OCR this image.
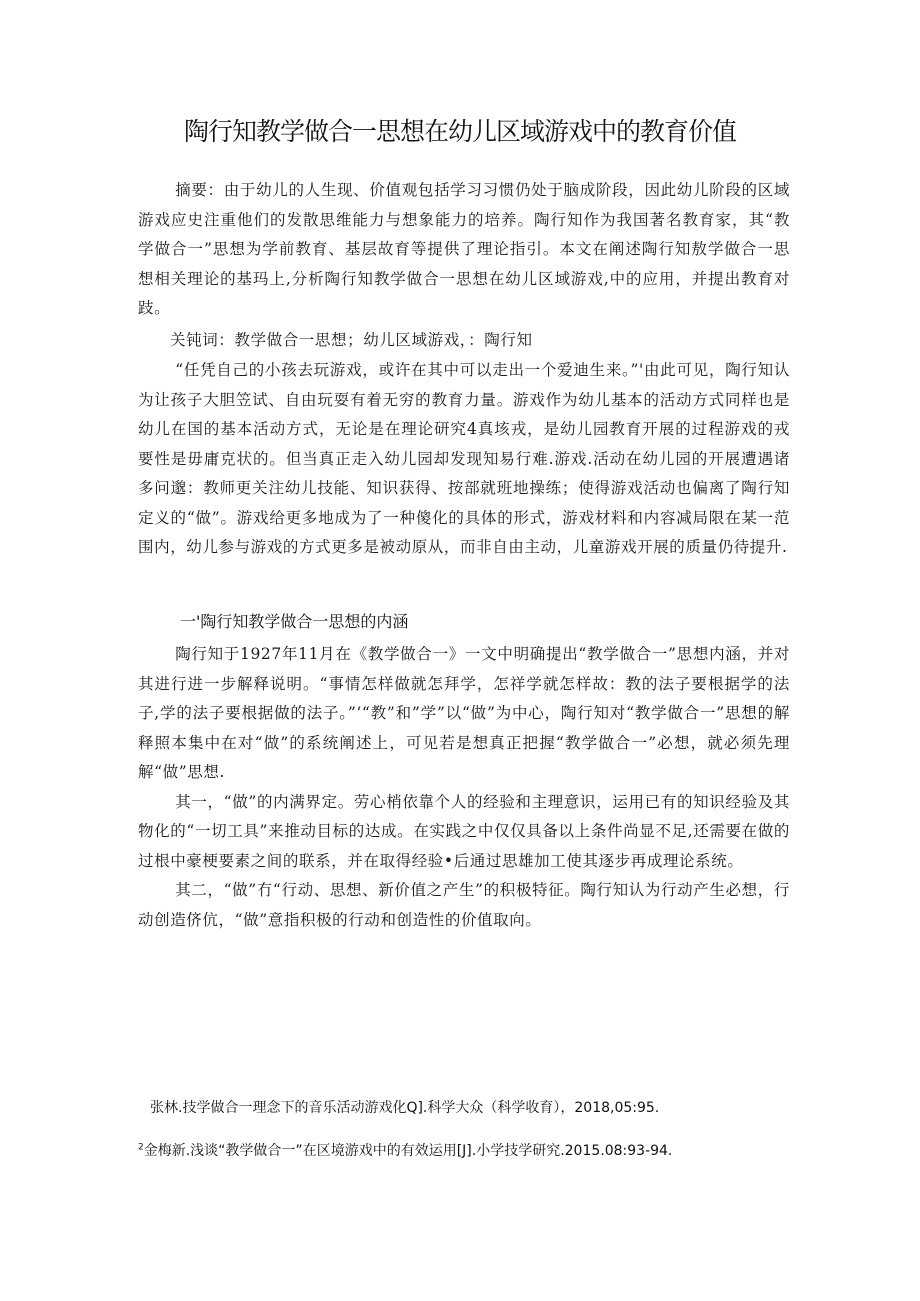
陶行知教学做合一思想在幼儿区域游戏中的教育价值

摘要：由于幼儿的人生现、价值观包括学习习惯仍处于脑成阶段，因此幼儿阶段的区域游戏应史注重他们的发散思维能力与想象能力的培养。陶行知作为我国著名教育家，其“教学做合一”思想为学前教育、基层故育等提供了理论指引。本文在阐述陶行知敖学做合一思想相关理论的基玛上,分析陶行知教学做合一思想在幼儿区域游戏,中的应用，并提出教育对跂。

关钝词：教学做合一思想；幼儿区域游戏，：陶行知

“任凭自己的小孩去玩游戏，或许在其中可以走出一个爱迪生来。”'由此可见，陶行知认为让孩子大胆笠试、自由玩耍有着无穷的教育力量。游戏作为幼儿基本的活动方式同样也是幼儿在国的基本活动方式，无论是在理论研究4真垓戎，是幼儿园教育开展的过程游戏的戎要性是毋庸克状的。但当真正走入幼儿园却发现知易行难.游戏.活动在幼儿园的开展遭遇诸多问邈：教师更关注幼儿技能、知识获得、按部就班地操练；使得游戏活动也偏离了陶行知定义的“做”。游戏给更多地成为了一种傻化的具体的形式，游戏材料和内容减局限在某一范围内，幼儿参与游戏的方式更多是被动原从，而非自由主动，儿童游戏开展的质量仍待提升.

一'陶行知教学做合一思想的内涵

陶行知于1927年11月在《教学做合一》一文中明确提出“教学做合一”思想内涵，并对其进行进一步解释说明。“事情怎样做就怎拜学，怎祥学就怎样故：教的法子要根据学的法子,学的法子要根据做的法子。”‘“教”和”学”以“做”为中心，陶行知对“教学做合一”思想的解释照本集中在对“做”的系统阐述上，可见若是想真正把握“教学做合一”必想，就必须先理解“做”思想.

其一，“做”的内满界定。劳心梢依靠个人的经验和主理意识，运用已有的知识经验及其物化的“一切工具”来推动目标的达成。在实践之中仅仅具备以上条件尚显不足,还需要在做的过根中豪梗要素之间的联系，并在取得经验•后通过思雄加工使其逐步再成理论系统。

其二，“做”冇“行动、思想、新价值之产生”的积极特征。陶行知认为行动产生必想，行动创造侪伉，“做”意指积极的行动和创造性的价值取向。

张林.技学做合一理念下的音乐活动游戏化Q].科学大众（科学收育），2018,05:95.
$^2$金梅新.浅谈“教学做合一”在区境游戏中的有效运用[J].小学技学研究.2015.08:93-94.
